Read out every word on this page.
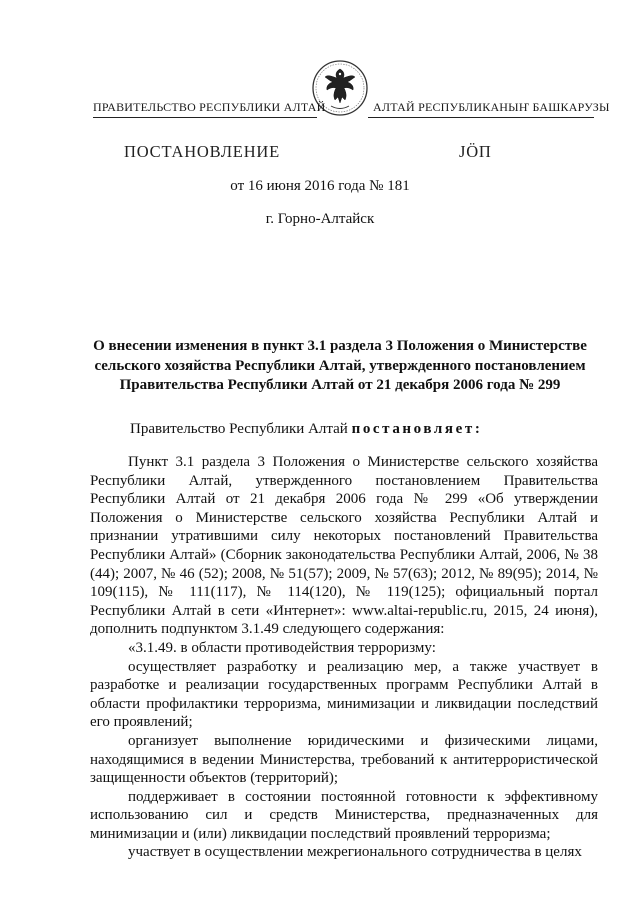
ПРАВИТЕЛЬСТВО РЕСПУБЛИКИ АЛТАЙ	АЛТАЙ РЕСПУБЛИКАНЫҤ БАШКАРУЗЫ
ПОСТАНОВЛЕНИЕ	JӦП
от 16 июня 2016 года № 181
г. Горно-Алтайск
О внесении изменения в пункт 3.1 раздела 3 Положения о Министерстве сельского хозяйства Республики Алтай, утвержденного постановлением Правительства Республики Алтай от 21 декабря 2006 года № 299
Правительство Республики Алтай постановляет:

Пункт 3.1 раздела 3 Положения о Министерстве сельского хозяйства Республики Алтай, утвержденного постановлением Правительства Республики Алтай от 21 декабря 2006 года № 299 «Об утверждении Положения о Министерстве сельского хозяйства Республики Алтай и признании утратившими силу некоторых постановлений Правительства Республики Алтай» (Сборник законодательства Республики Алтай, 2006, № 38 (44); 2007, № 46 (52); 2008, № 51(57); 2009, № 57(63); 2012, № 89(95); 2014, № 109(115), № 111(117), № 114(120), № 119(125); официальный портал Республики Алтай в сети «Интернет»: www.altai-republic.ru, 2015, 24 июня), дополнить подпунктом 3.1.49 следующего содержания:

«3.1.49. в области противодействия терроризму:

осуществляет разработку и реализацию мер, а также участвует в разработке и реализации государственных программ Республики Алтай в области профилактики терроризма, минимизации и ликвидации последствий его проявлений;

организует выполнение юридическими и физическими лицами, находящимися в ведении Министерства, требований к антитеррористической защищенности объектов (территорий);

поддерживает в состоянии постоянной готовности к эффективному использованию сил и средств Министерства, предназначенных для минимизации и (или) ликвидации последствий проявлений терроризма;

участвует в осуществлении межрегионального сотрудничества в целях
